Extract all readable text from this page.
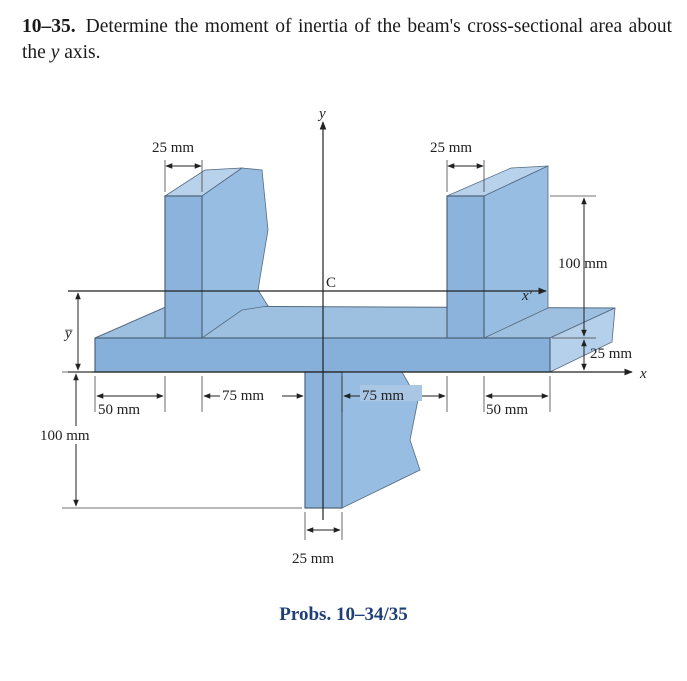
10–35. Determine the moment of inertia of the beam's cross-sectional area about the y axis.
y
x'
C
x
y̅
25 mm	25 mm
100 mm
25 mm
50 mm
75 mm	75 mm
50 mm
100 mm
25 mm
Probs. 10–34/35
